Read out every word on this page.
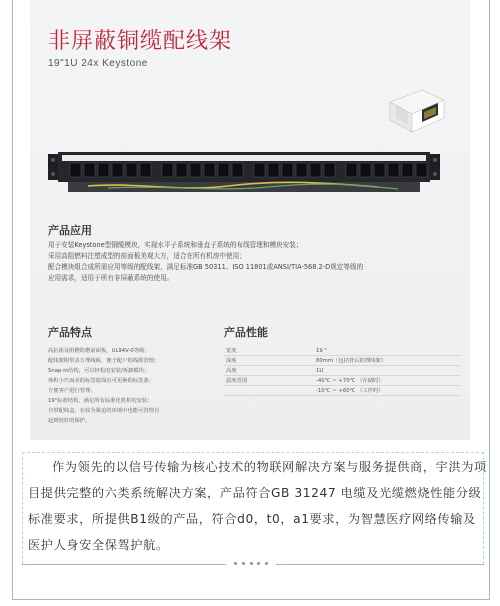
非屏蔽铜缆配线架
19"1U 24x Keystone
产品应用
用于安装Keystone型铜缆模块，实现水平子系统和垂直子系统的布线管理和模块安装；
采用高阻燃料注塑成型的前面板美观大方，适合在所有机房中使用；
配合模块组合成所需应用等级的配线架，满足标准GB 50311、ISO 11801或ANSI/TIA-568.2-D规定等级的
应用需求，适用于所有非屏蔽系统的使用。
产品特点
高抗阻及阻燃防燃前面板，UL94V-0等级；
配线架附带盖方理线板，便于配户的线缆管理；
Snap-in结构，可以轻松的安装/拆卸模块；
体积小巧而美的标签窗面有可更换的标签条；
方便客户进行管理；
19"标准结构，满足所有标准化机柜的安装；
自带配线盒，在较为紧迫的环境中也能可管理自
起到较好的保护。
产品性能
宽度	19 "
深度	80mm（包括背后的理线架）
高度	1U
温度范围	-40℃ ~ +70℃ （存储时）
-10℃ ~ +60℃ （工作时）
作为领先的以信号传输为核心技术的物联网解决方案与服务提供商，宇洪为项目提供完整的六类系统解决方案，产品符合GB 31247 电缆及光缆燃烧性能分级标准要求，所提供B1级的产品，符合d0，t0，a1要求，为智慧医疗网络传输及医护人身安全保驾护航。
